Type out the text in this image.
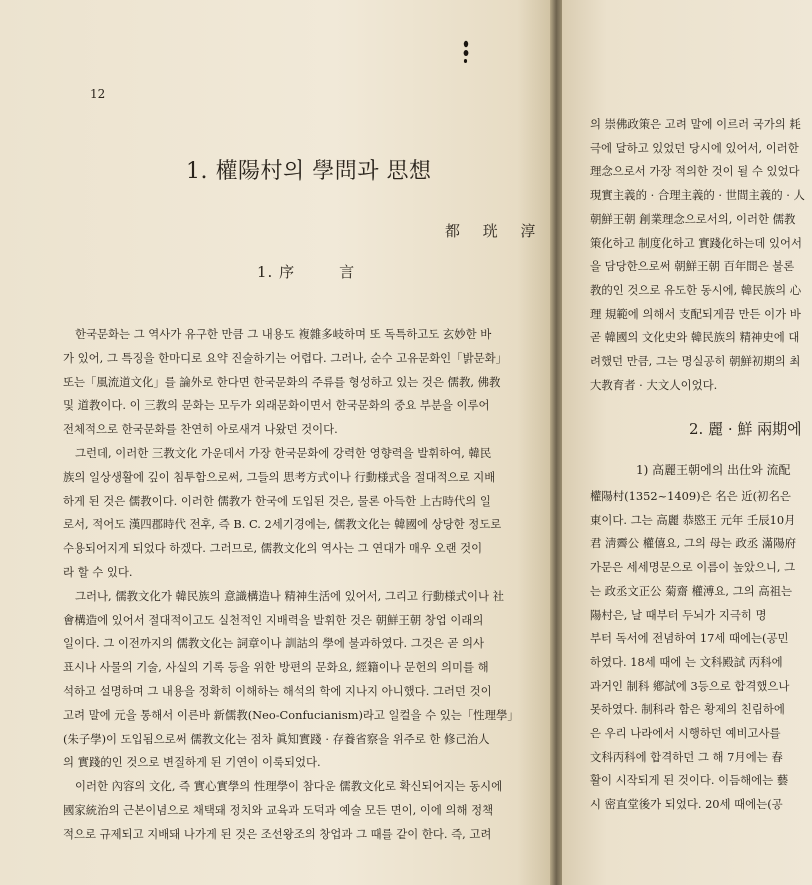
12
1. 權陽村의 學問과 思想
都 珖 淳
1. 序	言

한국문화는 그 역사가 유구한 만큼 그 내용도 複雜多岐하며 또 독특하고도 玄妙한 바
가 있어, 그 특징을 한마디로 요약 진술하기는 어렵다. 그러나, 순수 고유문화인「밝문화」
또는「風流道文化」를 論外로 한다면 한국문화의 주류를 형성하고 있는 것은 儒教, 佛教
및 道教이다. 이 三教의 문화는 모두가 외래문화이면서 한국문화의 중요 부분을 이루어
전체적으로 한국문화를 찬연히 아로새겨 나왔던 것이다.

그런데, 이러한 三教文化 가운데서 가장 한국문화에 강력한 영향력을 발휘하여, 韓民
族의 일상생활에 깊이 침투함으로써, 그들의 思考方式이나 行動様式을 절대적으로 지배
하게 된 것은 儒教이다. 이러한 儒教가 한국에 도입된 것은, 물론 아득한 上古時代의 일
로서, 적어도 漢四郡時代 전후, 즉 B. C. 2세기경에는, 儒教文化는 韓國에 상당한 정도로
수용되어지게 되었다 하겠다. 그러므로, 儒教文化의 역사는 그 연대가 매우 오랜 것이
라 할 수 있다.

그러나, 儒教文化가 韓民族의 意識構造나 精神生活에 있어서, 그리고 行動様式이나 社
會構造에 있어서 절대적이고도 실천적인 지배력을 발휘한 것은 朝鮮王朝 창업 이래의
일이다. 그 이전까지의 儒教文化는 詞章이나 訓詁의 學에 불과하였다. 그것은 곧 의사
표시나 사물의 기술, 사실의 기록 등을 위한 방편의 문화요, 經籍이나 문헌의 의미를 해
석하고 설명하며 그 내용을 정확히 이해하는 해석의 학에 지나지 아니했다. 그러던 것이
고려 말에 元을 통해서 이른바 新儒教(Neo-Confucianism)라고 일컬을 수 있는「性理學」
(朱子學)이 도입됨으로써 儒教文化는 점차 眞知實踐 · 存養省察을 위주로 한 修己治人
의 實踐的인 것으로 변질하게 된 기연이 이룩되었다.

이러한 內容의 文化, 즉 實心實學의 性理學이 참다운 儒教文化로 확신되어지는 동시에
國家統治의 근본이념으로 채택돼 정치와 교육과 도덕과 예술 모든 면이, 이에 의해 정책
적으로 규제되고 지배돼 나가게 된 것은 조선왕조의 창업과 그 때를 같이 한다. 즉, 고려

의 崇佛政策은 고려 말에 이르러 국가의 耗
극에 달하고 있었던 당시에 있어서, 이러한
理念으로서 가장 적의한 것이 될 수 있었다
現實主義的 · 合理主義的 · 世間主義的 · 人
朝鮮王朝 創業理念으로서의, 이러한 儒教
策化하고 制度化하고 實踐化하는데 있어서
을 담당한으로써 朝鮮王朝 百年間은 불론
教的인 것으로 유도한 동시에, 韓民族의 心
理 規範에 의해서 支配되게끔 만든 이가 바
곧 韓國의 文化史와 韓民族의 精神史에 대
려했던 만큼, 그는 명실공히 朝鮮初期의 최
大教育者 · 大文人이었다.
2. 麗 · 鮮 兩期에
1) 高麗王朝에의 出仕와 流配
權陽村(1352~1409)은 名은 近(初名은
東이다. 그는 高麗 恭愍王 元年 壬辰10月
君 淸霽公 權僖요, 그의 母는 政丞 滿陽府
가문은 세세명문으로 이름이 높았으니, 그
는 政丞文正公 菊齋 權溥요, 그의 高祖는
陽村은, 날 때부터 두뇌가 지극히 명
부터 독서에 전념하여 17세 때에는(공민
하였다. 18세 때에 는 文科殿試 丙科에
과거인 制科 鄕試에 3등으로 합격했으나
못하였다. 制科라 함은 황제의 친림하에
은 우리 나라에서 시행하던 예비고사를
文科丙科에 합격하던 그 해 7月에는 春
활이 시작되게 된 것이다. 이듬해에는 藝
시 密直堂後가 되었다. 20세 때에는(공
